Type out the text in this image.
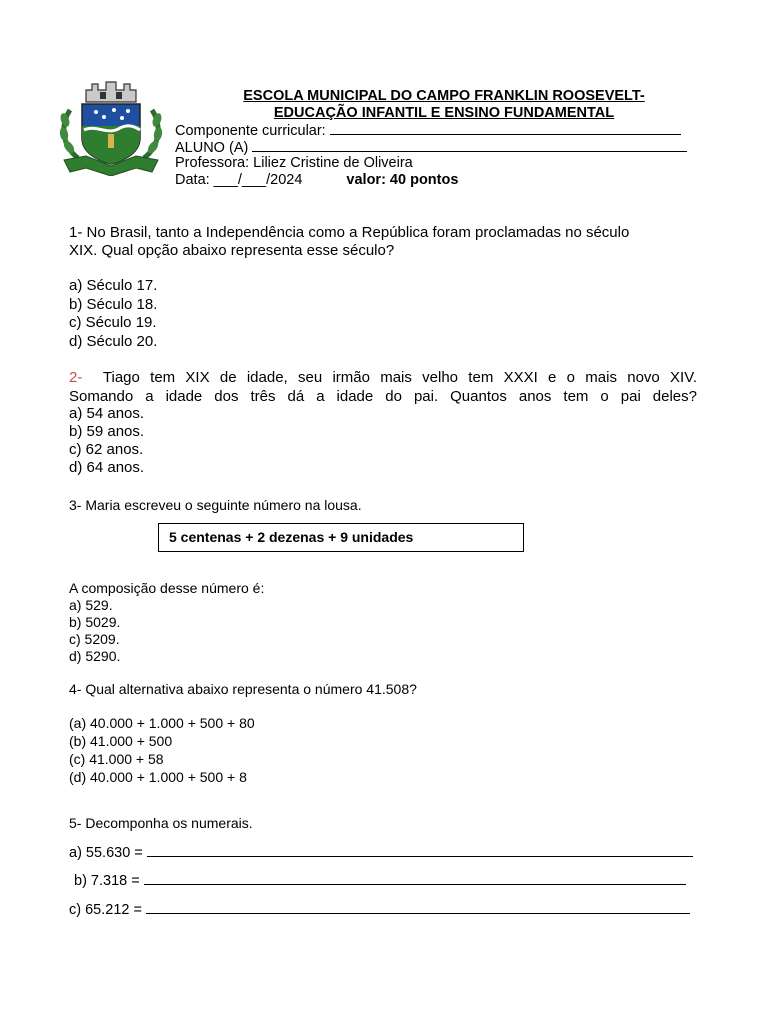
ESCOLA MUNICIPAL DO CAMPO FRANKLIN ROOSEVELT-
EDUCAÇÃO INFANTIL E ENSINO FUNDAMENTAL
Componente curricular:
ALUNO (A)
Professora: Liliez Cristine de Oliveira
Data: ___/___/2024	valor: 40 pontos
1- No Brasil, tanto a Independência como a República foram proclamadas no século
XIX. Qual opção abaixo representa esse século?
a) Século 17.
b) Século 18.
c) Século 19.
d) Século 20.
2- Tiago tem XIX de idade, seu irmão mais velho tem XXXI e o mais novo XIV.
Somando a idade dos três dá a idade do pai. Quantos anos tem o pai deles?
a) 54 anos.
b) 59 anos.
c) 62 anos.
d) 64 anos.
3- Maria escreveu o seguinte número na lousa.
5 centenas + 2 dezenas + 9 unidades
A composição desse número é:
a) 529.
b) 5029.
c) 5209.
d) 5290.
4- Qual alternativa abaixo representa o número 41.508?
(a) 40.000 + 1.000 + 500 + 80
(b) 41.000 + 500
(c) 41.000 + 58
(d) 40.000 + 1.000 + 500 + 8
5- Decomponha os numerais.
a) 55.630 =
b) 7.318 =
c) 65.212 =
